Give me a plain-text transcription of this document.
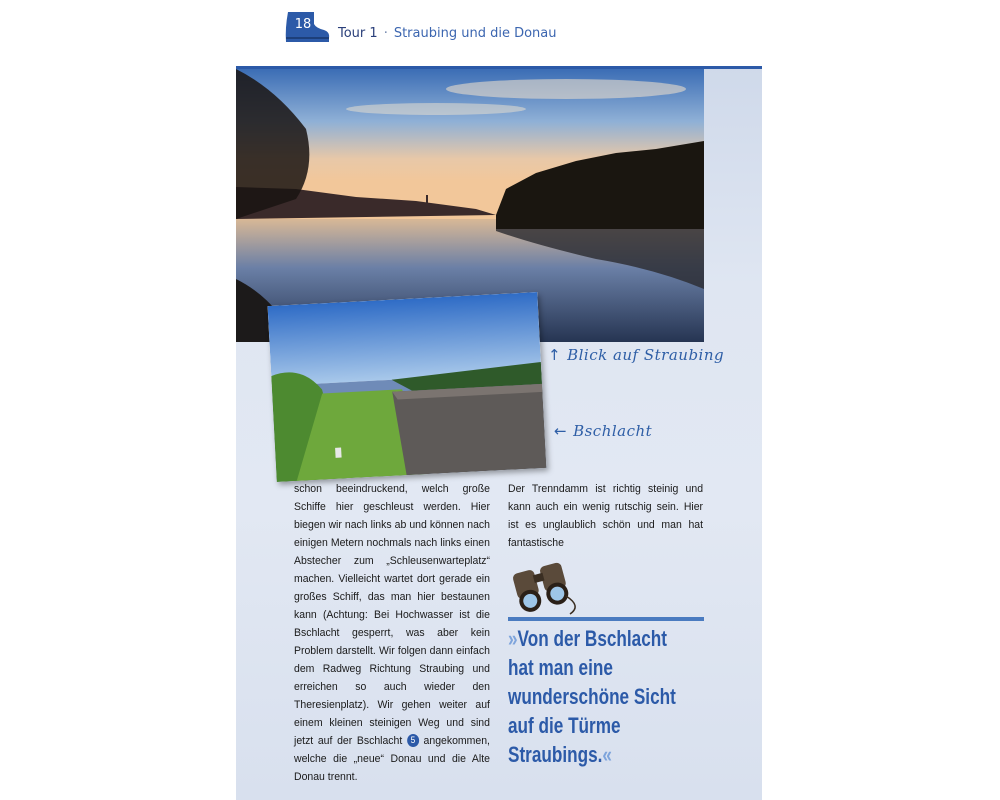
18
Tour 1 · Straubing und die Donau
↑ Blick auf Straubing
← Bschlacht

schon beeindruckend, welch große Schiffe hier geschleust werden. Hier biegen wir nach links ab und können nach einigen Metern nochmals nach links einen Abstecher zum „Schleusenwarteplatz“ machen. Vielleicht wartet dort gerade ein großes Schiff, das man hier bestaunen kann (Achtung: Bei Hochwasser ist die Bschlacht gesperrt, was aber kein Problem darstellt. Wir folgen dann einfach dem Radweg Richtung Straubing und erreichen so auch wieder den Theresienplatz). Wir gehen weiter auf einem kleinen steinigen Weg und sind jetzt auf der Bschlacht 5 angekommen, welche die „neue“ Donau und die Alte Donau trennt.

Der Trenndamm ist richtig steinig und kann auch ein wenig rutschig sein. Hier ist es unglaublich schön und man hat fantastische

»Von der Bschlacht hat man eine wunderschöne Sicht auf die Türme Straubings.«
